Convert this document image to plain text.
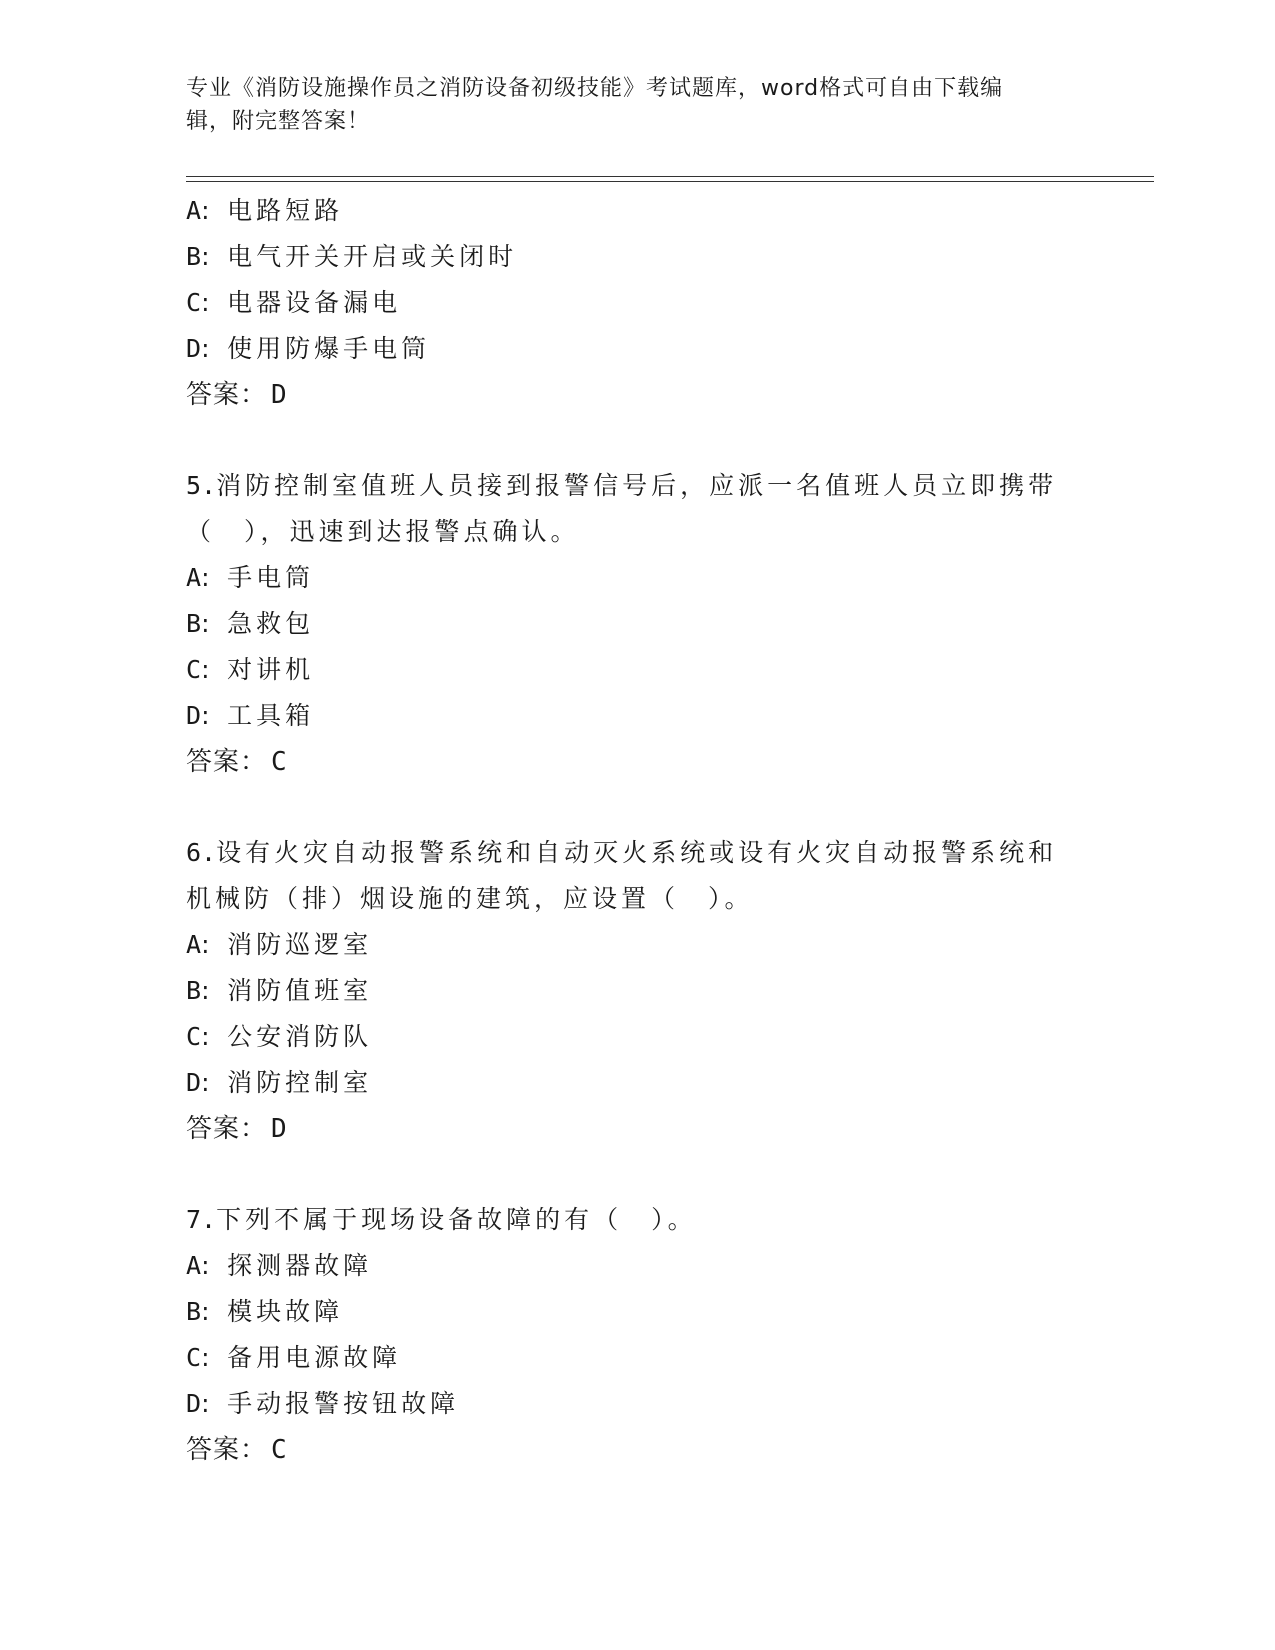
专业《消防设施操作员之消防设备初级技能》考试题库，word格式可自由下载编
辑，附完整答案！
A: 电路短路
B: 电气开关开启或关闭时
C: 电器设备漏电
D: 使用防爆手电筒
答案： D
5.消防控制室值班人员接到报警信号后，应派一名值班人员立即携带
（　），迅速到达报警点确认。
A: 手电筒
B: 急救包
C: 对讲机
D: 工具箱
答案： C
6.设有火灾自动报警系统和自动灭火系统或设有火灾自动报警系统和
机械防（排）烟设施的建筑，应设置（　）。
A: 消防巡逻室
B: 消防值班室
C: 公安消防队
D: 消防控制室
答案： D
7.下列不属于现场设备故障的有（　）。
A: 探测器故障
B: 模块故障
C: 备用电源故障
D: 手动报警按钮故障
答案： C
